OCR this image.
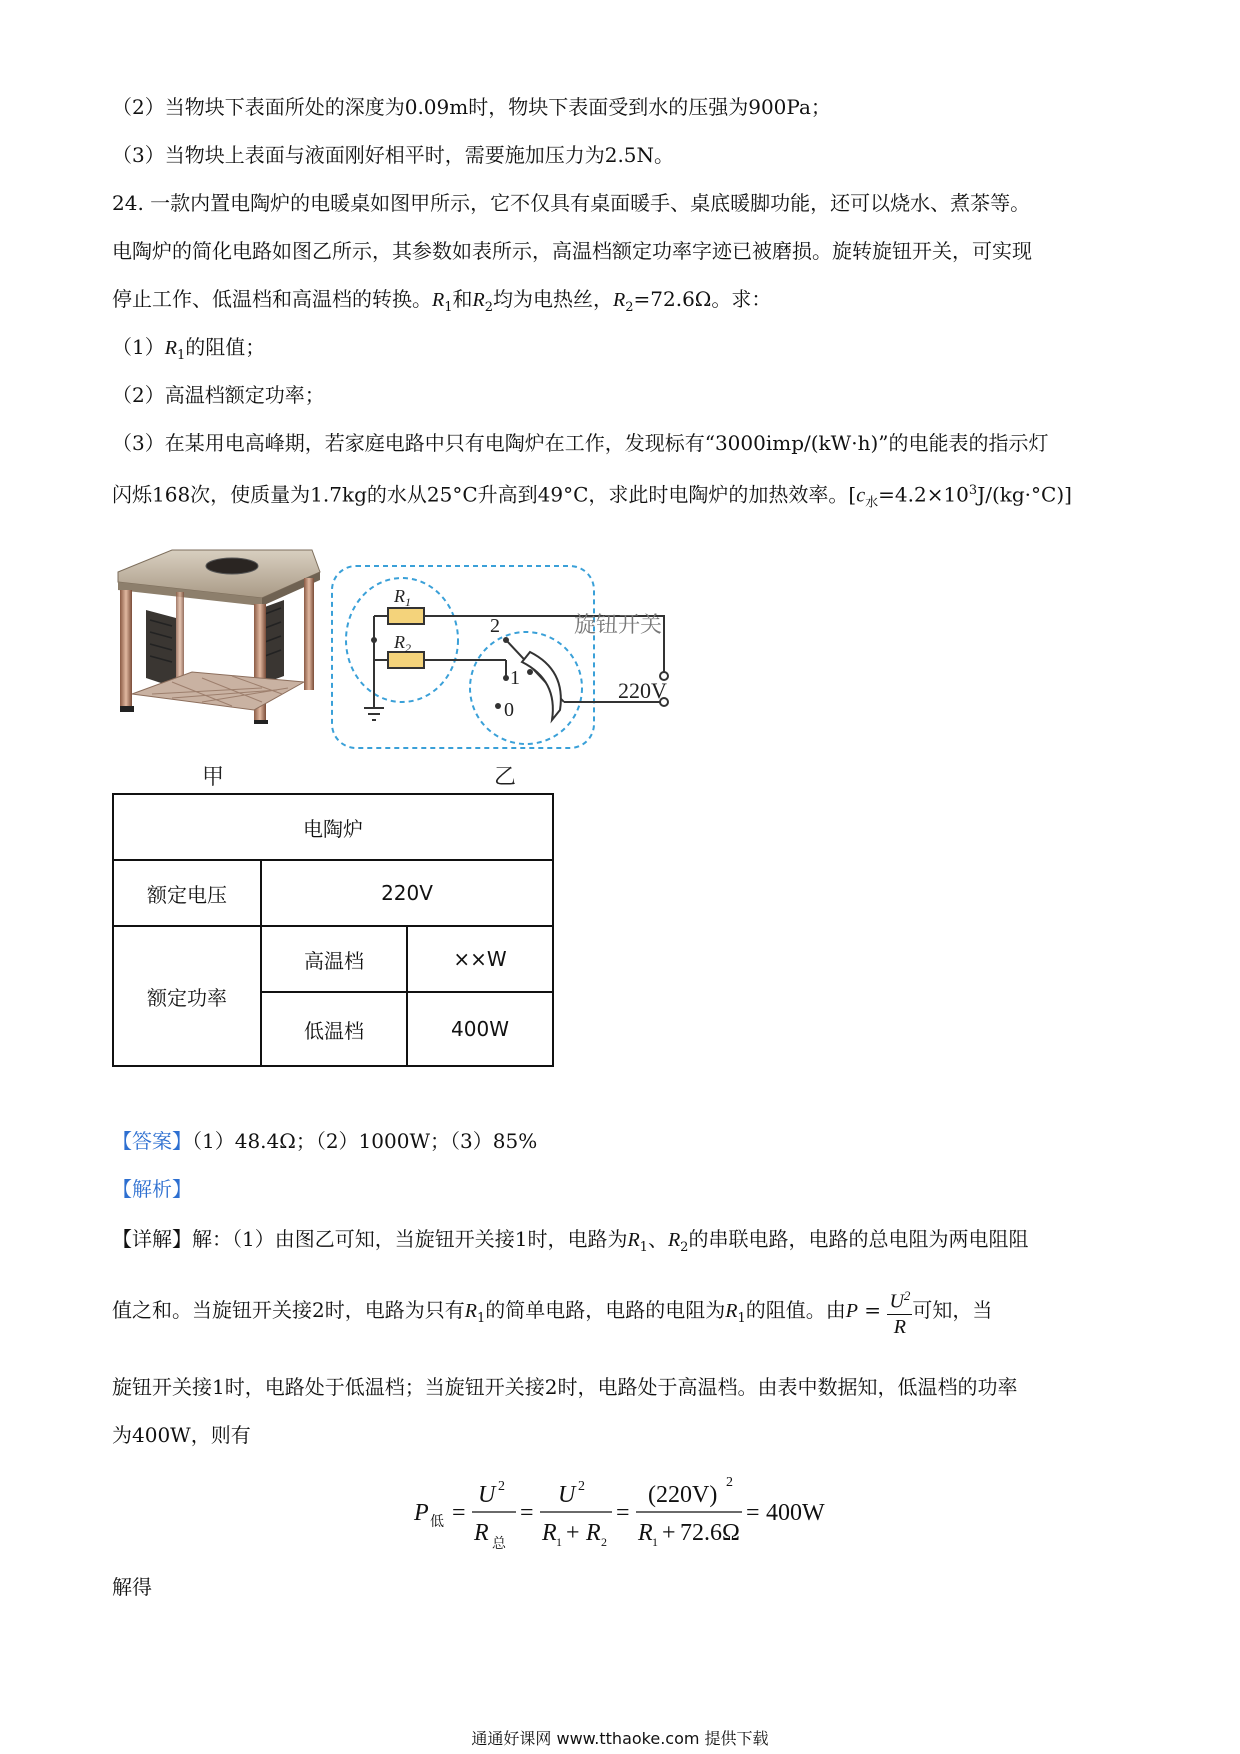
（2）当物块下表面所处的深度为0.09m时，物块下表面受到水的压强为900Pa；
（3）当物块上表面与液面刚好相平时，需要施加压力为2.5N。
24. 一款内置电陶炉的电暖桌如图甲所示，它不仅具有桌面暖手、桌底暖脚功能，还可以烧水、煮茶等。
电陶炉的简化电路如图乙所示，其参数如表所示，高温档额定功率字迹已被磨损。旋转旋钮开关，可实现
停止工作、低温档和高温档的转换。$R_1$和$R_2$均为电热丝，$R_2=72.6\Omega$。求：
$(1)R_1$的阻值；
（2）高温档额定功率；
（3）在某用电高峰期，若家庭电路中只有电陶炉在工作，发现标有“3000imp/(kW·h)”的电能表的指示灯
闪烁168次，使质量为1.7kg的水从25°C升高到49°C，求此时电陶炉的加热效率。$[c_水=4.2\times 10^3J/(kg\cdot^\circ C)]$
甲
$R_1$
$R_2$
2
1
0
旋钮开关
220V
乙
电陶炉		
额定电压	220V	
额定功率	高温档	××W
	低温档	400W
【答案】（1）48.4Ω；（2）1000W；（3）85%
【解析】
【详解】解：（1）由图乙可知，当旋钮开关接1时，电路为$R_1$、$R_2$的串联电路，电路的总电阻为两电阻阻
值之和。当旋钮开关接2时，电路为只有$R_1$的简单电路，电路的电阻为$R_1$的阻值。由$P = \frac{U^2}{R}$ 可知，当
旋钮开关接1时，电路处于低温档；当旋钮开关接2时，电路处于高温档。由表中数据知，低温档的功率
为400W，则有
P 低 =
U 2
R 总
=
U 2
R 1 + R 2
=
(220V) 2
R 1 + 72.6Ω
= 400W
解得
通通好课网 www.tthaoke.com 提供下载
